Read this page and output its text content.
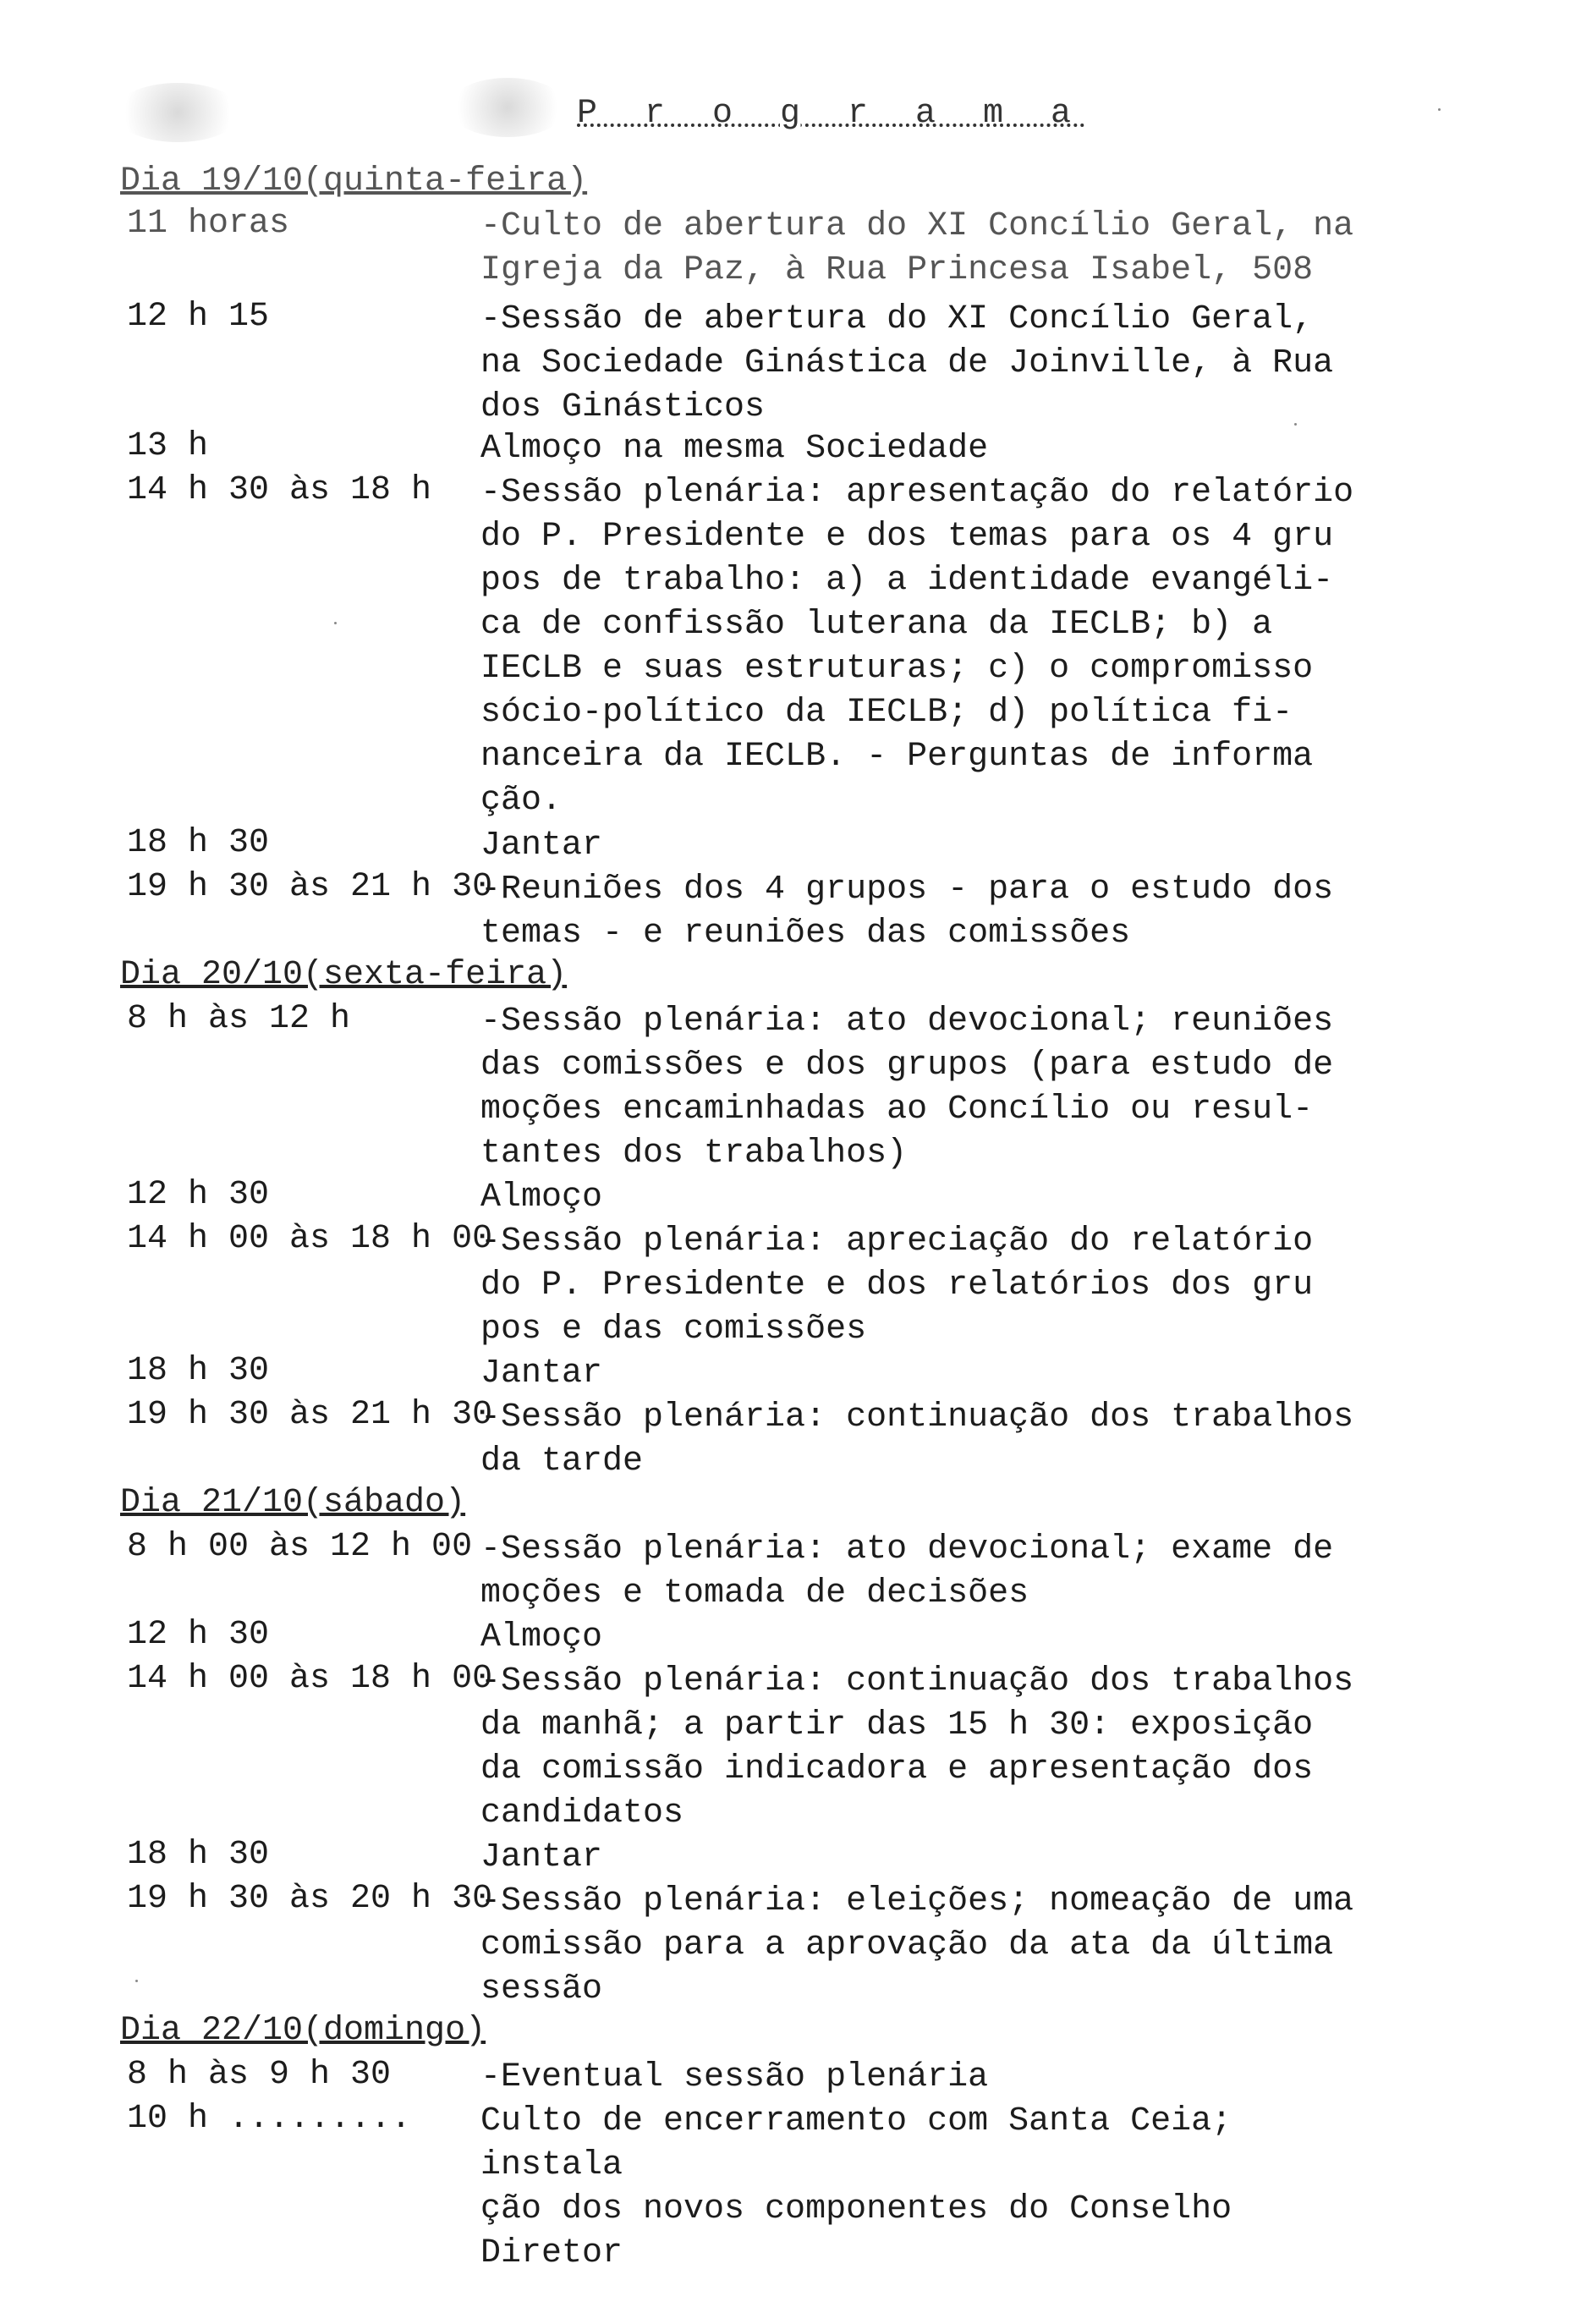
P r o g r a m a
Dia 19/10(quinta-feira)
11 horas	-Culto de abertura do XI Concílio Geral, na
Igreja da Paz, à Rua Princesa Isabel, 508
12 h 15	-Sessão de abertura do XI Concílio Geral,
na Sociedade Ginástica de Joinville, à Rua
dos Ginásticos
13 h	Almoço na mesma Sociedade
14 h 30 às 18 h -Sessão plenária: apresentação do relatório
do P. Presidente e dos temas para os 4 gru
pos de trabalho: a) a identidade evangéli-
ca de confissão luterana da IECLB; b) a
IECLB e suas estruturas; c) o compromisso
sócio-político da IECLB; d) política fi-
nanceira da IECLB. - Perguntas de informa
ção.
18 h 30	Jantar
19 h 30 às 21 h 30
-Reuniões dos 4 grupos - para o estudo dos
temas - e reuniões das comissões
Dia 20/10(sexta-feira)
8 h às 12 h	-Sessão plenária: ato devocional; reuniões
das comissões e dos grupos (para estudo de
moções encaminhadas ao Concílio ou resul-
tantes dos trabalhos)
12 h 30	Almoço
14 h 00 às 18 h 00
-Sessão plenária: apreciação do relatório
do P. Presidente e dos relatórios dos gru
pos e das comissões
18 h 30	Jantar
19 h 30 às 21 h 30
-Sessão plenária: continuação dos trabalhos
da tarde
Dia 21/10(sábado)
8 h 00 às 12 h 00 -Sessão plenária: ato devocional; exame de
moções e tomada de decisões
12 h 30	Almoço
14 h 00 às 18 h 00
-Sessão plenária: continuação dos trabalhos
da manhã; a partir das 15 h 30: exposição
da comissão indicadora e apresentação dos
candidatos
18 h 30	Jantar
19 h 30 às 20 h 30
-Sessão plenária: eleições; nomeação de uma
comissão para a aprovação da ata da última
sessão
Dia 22/10(domingo)
8 h às 9 h 30	-Eventual sessão plenária
10 h ......... Culto de encerramento com Santa Ceia; instala
ção dos novos componentes do Conselho Diretor
